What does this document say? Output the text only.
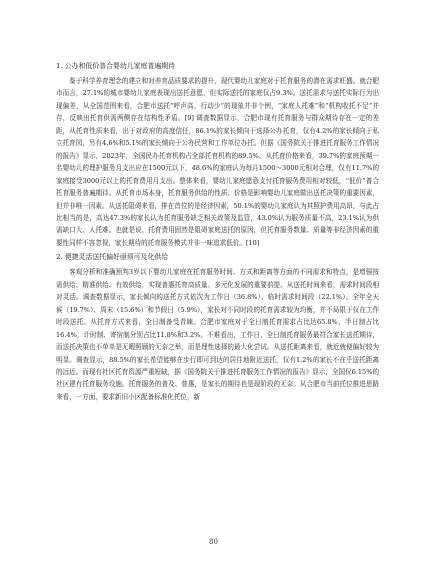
1. 公办和低价普合婴幼儿家庭普遍期待

鉴于科学养育理念的建立和对养育品质要求的提升，现代婴幼儿家庭对于托育服务的潜在需求旺盛。就合肥市而言，27.1%的城市婴幼儿家庭表现出送托意愿，但实际送托的家庭仅占9.3%。送托需求与送托实际行为出现偏差，从全国范围来看，合肥市送托“呼声高、行动少”的现象并非个例，“家庭人托难”和“机构收托不足”并存，反映出托育供需两侧存在结构性矛盾。[9] 调查数据显示，合肥市现有托育服务与群众期待存在一定的差距，从托育性质来看，出于对政府的高度信任，86.1%的家长倾向于选择公办托育，仅有4.2%的家长倾向于私立托育园，另有4.6%和5.1%的家长倾向于公办民营和工作单位办托。但据《国务院关于推进托育服务工作情况的报告》显示，2023年，全国民办托育机构占全部托育机构的89.5%。从托育价格来看，39.7%的家庭预期一名婴幼儿的理护服务月支出应在1500元以下，48.6%的家庭认为每月1500～3000元相对合理，仅有11.7%的家庭接受3000元以上的托育费用月支出。整体来看，婴幼儿家庭愿意支付托育服务费用相对较低，“低价”普合托育服务普遍期待。从托育市场本身，托育服务供给的性质、价格是影响婴幼儿家庭做出送托决策的重要因素，但并非唯一因素。从送托阻碍来看，排在首位的是经济因素，50.1%的婴幼儿家庭认为其照护费用高昂，与此占比相当的是，高达47.3%的家长认为托育服务缺乏相关政策及监管，43.0%认为服务质量不高，23.1%认为供需缺口大、人托难。也就是说，托育费用固然是阻碍家庭送托的原因，但托育服务数量、质量等非经济因素的重要性同样不容忽视，家长期待的托育服务模式并非一味追求低价。[10]

2. 便捷灵活送托偏好亟须可及化供给

客观分析和准确预判3岁以下婴幼儿家庭在托育服务时间、方式和距离等方面的不同需求和特点，是增强按需供给、精准供给、有效供给，实现普惠托育高质量、多元化发展的重要前提。从送托时间来看，需求时间段相对灵活。调查数据显示，家长倾向的送托方式依次为工作日（36.8%）、临时需求时间段（22.1%）、全年全天候（19.7%）、周末（15.6%）和节假日（5.9%），家长对不同时段的托育需求较为均衡，并不局限于仅在工作时段送托。从托育方式来看，全日制备受青睐。合肥市家庭对于全日制托育需求占比达65.8%，半日制占比16.4%，计时制、寄宿制分别占比11.8%和3.2%。不难看出，工作日、全日制托育服务最符合家长送托期待，而送托决策也不单单是无暇照顾的无奈之举，而是理性选择的最大化尝试。从送托距离来看，就近就便偏好较为明显。调查显示，88.5%的家长希望能够在步行即可到达的居住地附近送托，仅有1.2%的家长不在乎送托距离的远近。而现有社区托育资源严重短缺，据《国务院关于推进托育服务工作情况的报告》显示，全国仅6.15%的社区建有托育服务设施。托育服务的普及、普惠，是家长的期待也是现阶段的无奈。从合肥市当前托位推进思路来看，一方面，要求新旧小区配备标准化托位，新

80
